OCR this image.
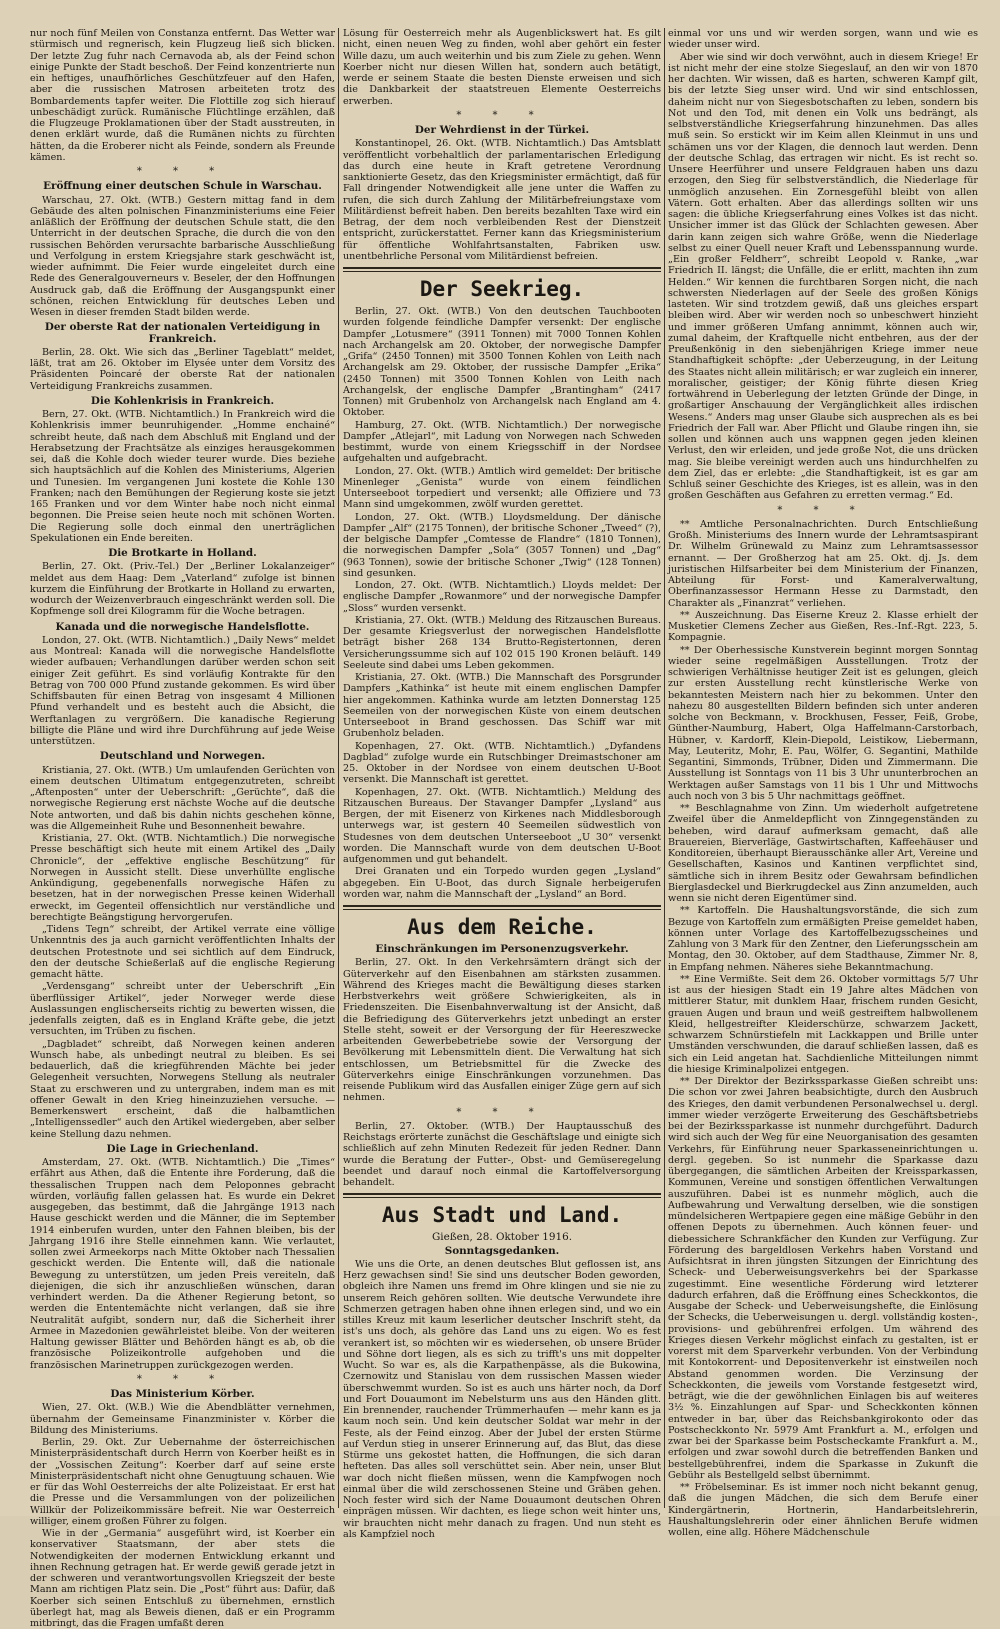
nur noch fünf Meilen von Constanza entfernt. Das Wetter war stürmisch und regnerisch, kein Flugzeug ließ sich blicken. Der letzte Zug fuhr nach Cernavoda ab, als der Feind schon einige Punkte der Stadt beschoß. Der Feind konzentrierte nun ein heftiges, unaufhörliches Geschützfeuer auf den Hafen, aber die russischen Matrosen arbeiteten trotz des Bombardements tapfer weiter. Die Flottille zog sich hierauf unbeschädigt zurück. Rumänische Flüchtlinge erzählen, daß die Flugzeuge Proklamationen über der Stadt ausstreuten, in denen erklärt wurde, daß die Rumänen nichts zu fürchten hätten, da die Eroberer nicht als Feinde, sondern als Freunde kämen.

* * *
Eröffnung einer deutschen Schule in Warschau.

Warschau, 27. Okt. (WTB.) Gestern mittag fand in dem Gebäude des alten polnischen Finanzministeriums eine Feier anläßlich der Eröffnung der deutschen Schule statt, die den Unterricht in der deutschen Sprache, die durch die von den russischen Behörden verursachte barbarische Ausschließung und Verfolgung in erstem Kriegsjahre stark geschwächt ist, wieder aufnimmt. Die Feier wurde eingeleitet durch eine Rede des Generalgouverneurs v. Beseler, der den Hoffnungen Ausdruck gab, daß die Eröffnung der Ausgangspunkt einer schönen, reichen Entwicklung für deutsches Leben und Wesen in dieser fremden Stadt bilden werde.

Der oberste Rat der nationalen Verteidigung in Frankreich.

Berlin, 28. Okt. Wie sich das „Berliner Tageblatt“ meldet, läßt, trat am 26. Oktober im Elysée unter dem Vorsitz des Präsidenten Poincaré der oberste Rat der nationalen Verteidigung Frankreichs zusammen.

Die Kohlenkrisis in Frankreich.

Bern, 27. Okt. (WTB. Nichtamtlich.) In Frankreich wird die Kohlenkrisis immer beunruhigender. „Homme enchainé“ schreibt heute, daß nach dem Abschluß mit England und der Herabsetzung der Frachtsätze als einziges herausgekommen sei, daß die Kohle doch wieder teurer wurde. Dies beziehe sich hauptsächlich auf die Kohlen des Ministeriums, Algerien und Tunesien. Im vergangenen Juni kostete die Kohle 130 Franken; nach den Bemühungen der Regierung koste sie jetzt 165 Franken und vor dem Winter habe noch nicht einmal begonnen. Die Preise seien heute noch mit schönen Worten. Die Regierung solle doch einmal den unerträglichen Spekulationen ein Ende bereiten.

Die Brotkarte in Holland.

Berlin, 27. Okt. (Priv.-Tel.) Der „Berliner Lokalanzeiger“ meldet aus dem Haag: Dem „Vaterland“ zufolge ist binnen kurzem die Einführung der Brotkarte in Holland zu erwarten, wodurch der Weizenverbrauch eingeschränkt werden soll. Die Kopfmenge soll drei Kilogramm für die Woche betragen.

Kanada und die norwegische Handelsflotte.

London, 27. Okt. (WTB. Nichtamtlich.) „Daily News“ meldet aus Montreal: Kanada will die norwegische Handelsflotte wieder aufbauen; Verhandlungen darüber werden schon seit einiger Zeit geführt. Es sind vorläufig Kontrakte für den Betrag von 700 000 Pfund zustande gekommen. Es wird über Schiffsbauten für einen Betrag von insgesamt 4 Millionen Pfund verhandelt und es besteht auch die Absicht, die Werftanlagen zu vergrößern. Die kanadische Regierung billigte die Pläne und wird ihre Durchführung auf jede Weise unterstützen.

Deutschland und Norwegen.

Kristiania, 27. Okt. (WTB.) Um umlaufenden Gerüchten von einem deutschen Ultimatum entgegenzutreten, schreibt „Aftenposten“ unter der Ueberschrift: „Gerüchte“, daß die norwegische Regierung erst nächste Woche auf die deutsche Note antworten, und daß bis dahin nichts geschehen könne, was die Allgemeinheit Ruhe und Besonnenheit bewahre.

Kristiania, 27. Okt. (WTB. Nichtamtlich.) Die norwegische Presse beschäftigt sich heute mit einem Artikel des „Daily Chronicle“, der „effektive englische Beschützung“ für Norwegen in Aussicht stellt. Diese unverhüllte englische Ankündigung, gegebenenfalls norwegische Häfen zu besetzen, hat in der norwegischen Presse keinen Widerhall erweckt, im Gegenteil offensichtlich nur verständliche und berechtigte Beängstigung hervorgerufen.

„Tidens Tegn“ schreibt, der Artikel verrate eine völlige Unkenntnis des ja auch garnicht veröffentlichten Inhalts der deutschen Protestnote und sei sichtlich auf dem Eindruck, den der deutsche Schießerlaß auf die englische Regierung gemacht hätte.

„Verdensgang“ schreibt unter der Ueberschrift „Ein überflüssiger Artikel“, jeder Norweger werde diese Auslassungen englischerseits richtig zu bewerten wissen, die jedenfalls zeigten, daß es in England Kräfte gebe, die jetzt versuchten, im Trüben zu fischen.

„Dagbladet“ schreibt, daß Norwegen keinen anderen Wunsch habe, als unbedingt neutral zu bleiben. Es sei bedauerlich, daß die kriegführenden Mächte bei jeder Gelegenheit versuchten, Norwegens Stellung als neutraler Staat zu erschweren und zu untergraben, indem man es mit offener Gewalt in den Krieg hineinzuziehen versuche. — Bemerkenswert erscheint, daß die halbamtlichen „Intelligenssedler“ auch den Artikel wiedergeben, aber selber keine Stellung dazu nehmen.

Die Lage in Griechenland.

Amsterdam, 27. Okt. (WTB. Nichtamtlich.) Die „Times“ erfährt aus Athen, daß die Entente ihre Forderung, daß die thessalischen Truppen nach dem Peloponnes gebracht würden, vorläufig fallen gelassen hat. Es wurde ein Dekret ausgegeben, das bestimmt, daß die Jahrgänge 1913 nach Hause geschickt werden und die Männer, die im September 1914 einberufen wurden, unter den Fahnen bleiben, bis der Jahrgang 1916 ihre Stelle einnehmen kann. Wie verlautet, sollen zwei Armeekorps nach Mitte Oktober nach Thessalien geschickt werden. Die Entente will, daß die nationale Bewegung zu unterstützen, um jeden Preis vereiteln, daß diejenigen, die sich ihr anzuschließen wünschen, daran verhindert werden. Da die Athener Regierung betont, so werden die Ententemächte nicht verlangen, daß sie ihre Neutralität aufgibt, sondern nur, daß die Sicherheit ihrer Armee in Mazedonien gewährleistet bleibe. Von der weiteren Haltung gewisser Blätter und Behörden hängt es ab, ob die französische Polizeikontrolle aufgehoben und die französischen Marinetruppen zurückgezogen werden.

* * *
Das Ministerium Körber.

Wien, 27. Okt. (W.B.) Wie die Abendblätter vernehmen, übernahm der Gemeinsame Finanzminister v. Körber die Bildung des Ministeriums.

Berlin, 29. Okt. Zur Uebernahme der österreichischen Ministerpräsidentschaft durch Herrn von Koerber heißt es in der „Vossischen Zeitung“: Koerber darf auf seine erste Ministerpräsidentschaft nicht ohne Genugtuung schauen. Wie er für das Wohl Oesterreichs der alte Polizeistaat. Er erst hat die Presse und die Versammlungen von der polizeilichen Willkür der Polizeikommissäre befreit. Nie war Oesterreich williger, einem großen Führer zu folgen.

Wie in der „Germania“ ausgeführt wird, ist Koerber ein konservativer Staatsmann, der aber stets die Notwendigkeiten der modernen Entwicklung erkannt und ihnen Rechnung getragen hat. Er werde gewiß gerade jetzt in der schweren und verantwortungsvollen Kriegszeit der beste Mann am richtigen Platz sein. Die „Post“ führt aus: Dafür, daß Koerber sich seinen Entschluß zu übernehmen, ernstlich überlegt hat, mag als Beweis dienen, daß er ein Programm mitbringt, das die Fragen umfaßt deren

Lösung für Oesterreich mehr als Augenblickswert hat. Es gilt nicht, einen neuen Weg zu finden, wohl aber gehört ein fester Wille dazu, um auch weiterhin und bis zum Ziele zu gehen. Wenn Koerber nicht nur diesen Willen hat, sondern auch betätigt, werde er seinem Staate die besten Dienste erweisen und sich die Dankbarkeit der staatstreuen Elemente Oesterreichs erwerben.

* * *
Der Wehrdienst in der Türkei.

Konstantinopel, 26. Okt. (WTB. Nichtamtlich.) Das Amtsblatt veröffentlicht vorbehaltlich der parlamentarischen Erledigung das durch eine heute in Kraft getretene Verordnung sanktionierte Gesetz, das den Kriegsminister ermächtigt, daß für Fall dringender Notwendigkeit alle jene unter die Waffen zu rufen, die sich durch Zahlung der Militärbefreiungstaxe vom Militärdienst befreit haben. Den bereits bezahlten Taxe wird ein Betrag, der dem noch verbleibenden Rest der Dienstzeit entspricht, zurückerstattet. Ferner kann das Kriegsministerium für öffentliche Wohlfahrtsanstalten, Fabriken usw. unentbehrliche Personal vom Militärdienst befreien.

Der Seekrieg.

Berlin, 27. Okt. (WTB.) Von den deutschen Tauchbooten wurden folgende feindliche Dampfer versenkt: Der englische Dampfer „Lotusmere“ (3911 Tonnen) mit 7000 Tonnen Kohlen nach Archangelsk am 20. Oktober, der norwegische Dampfer „Grifa“ (2450 Tonnen) mit 3500 Tonnen Kohlen von Leith nach Archangelsk am 29. Oktober, der russische Dampfer „Erika“ (2450 Tonnen) mit 3500 Tonnen Kohlen von Leith nach Archangelsk, der englische Dampfer „Brantingham“ (2417 Tonnen) mit Grubenholz von Archangelsk nach England am 4. Oktober.

Hamburg, 27. Okt. (WTB. Nichtamtlich.) Der norwegische Dampfer „Atlejarl“, mit Ladung von Norwegen nach Schweden bestimmt, wurde von einem Kriegsschiff in der Nordsee aufgehalten und aufgebracht.

London, 27. Okt. (WTB.) Amtlich wird gemeldet: Der britische Minenleger „Genista“ wurde von einem feindlichen Unterseeboot torpediert und versenkt; alle Offiziere und 73 Mann sind umgekommen, zwölf wurden gerettet.

London, 27. Okt. (WTB.) Lloydsmeldung. Der dänische Dampfer „Alf“ (2175 Tonnen), der britische Schoner „Tweed“ (?), der belgische Dampfer „Comtesse de Flandre“ (1810 Tonnen), die norwegischen Dampfer „Sola“ (3057 Tonnen) und „Dag“ (963 Tonnen), sowie der britische Schoner „Twig“ (128 Tonnen) sind gesunken.

London, 27. Okt. (WTB. Nichtamtlich.) Lloyds meldet: Der englische Dampfer „Rowanmore“ und der norwegische Dampfer „Sloss“ wurden versenkt.

Kristiania, 27. Okt. (WTB.) Meldung des Ritzauschen Bureaus. Der gesamte Kriegsverlust der norwegischen Handelsflotte beträgt bisher 268 134 Brutto-Registertonnen, deren Versicherungssumme sich auf 102 015 190 Kronen beläuft. 149 Seeleute sind dabei ums Leben gekommen.

Kristiania, 27. Okt. (WTB.) Die Mannschaft des Porsgrunder Dampfers „Kathinka“ ist heute mit einem englischen Dampfer hier angekommen. Kathinka wurde am letzten Donnerstag 125 Seemeilen von der norwegischen Küste von einem deutschen Unterseeboot in Brand geschossen. Das Schiff war mit Grubenholz beladen.

Kopenhagen, 27. Okt. (WTB. Nichtamtlich.) „Dyfandens Dagblad“ zufolge wurde ein Rutschbinger Dreimastschoner am 25. Oktober in der Nordsee von einem deutschen U-Boot versenkt. Die Mannschaft ist gerettet.

Kopenhagen, 27. Okt. (WTB. Nichtamtlich.) Meldung des Ritzauschen Bureaus. Der Stavanger Dampfer „Lysland“ aus Bergen, der mit Eisenerz von Kirkenes nach Middlesborough unterwegs war, ist gestern 40 Seemeilen südwestlich von Studesnes von dem deutschen Unterseeboot „U 30“ versenkt worden. Die Mannschaft wurde von dem deutschen U-Boot aufgenommen und gut behandelt.

Drei Granaten und ein Torpedo wurden gegen „Lysland“ abgegeben. Ein U-Boot, das durch Signale herbeigerufen worden war, nahm die Mannschaft der „Lysland“ an Bord.

Aus dem Reiche.
Einschränkungen im Personenzugsverkehr.

Berlin, 27. Okt. In den Verkehrsämtern drängt sich der Güterverkehr auf den Eisenbahnen am stärksten zusammen. Während des Krieges macht die Bewältigung dieses starken Herbstverkehrs weit größere Schwierigkeiten, als in Friedenszeiten. Die Eisenbahnverwaltung ist der Ansicht, daß die Befriedigung des Güterverkehrs jetzt unbedingt an erster Stelle steht, soweit er der Versorgung der für Heereszwecke arbeitenden Gewerbebetriebe sowie der Versorgung der Bevölkerung mit Lebensmitteln dient. Die Verwaltung hat sich entschlossen, um Betriebsmittel für die Zwecke des Güterverkehrs einige Einschränkungen vorzunehmen. Das reisende Publikum wird das Ausfallen einiger Züge gern auf sich nehmen.

* * *

Berlin, 27. Oktober. (WTB.) Der Hauptausschuß des Reichstags erörterte zunächst die Geschäftslage und einigte sich schließlich auf zehn Minuten Redezeit für jeden Redner. Dann wurde die Beratung der Futter-, Obst- und Gemüseregelung beendet und darauf noch einmal die Kartoffelversorgung behandelt.

Aus Stadt und Land.
Gießen, 28. Oktober 1916.
Sonntagsgedanken.

Wie uns die Orte, an denen deutsches Blut geflossen ist, ans Herz gewachsen sind! Sie sind uns deutscher Boden geworden, obgleich ihre Namen uns fremd im Ohre klingen und sie nie zu unserem Reich gehören sollten. Wie deutsche Verwundete ihre Schmerzen getragen haben ohne ihnen erlegen sind, und wo ein stilles Kreuz mit kaum leserlicher deutscher Inschrift steht, da ist's uns doch, als gehöre das Land uns zu eigen. Wo es fest verankert ist, so möchten wir es wiedersehen, ob unsere Brüder und Söhne dort liegen, als es sich zu trifft's uns mit doppelter Wucht. So war es, als die Karpathenpässe, als die Bukowina, Czernowitz und Stanislau von dem russischen Massen wieder überschwemmt wurden. So ist es auch uns härter noch, da Dorf und Fort Douaumont im Nebelsturm uns aus den Händen glitt. Ein brennender, rauchender Trümmerhaufen — mehr kann es ja kaum noch sein. Und kein deutscher Soldat war mehr in der Feste, als der Feind einzog. Aber der Jubel der ersten Stürme auf Verdun stieg in unserer Erinnerung auf, das Blut, das diese Stürme uns gekostet hatten, die Hoffnungen, die sich daran hefteten. Das alles soll verschüttet sein. Aber nein, unser Blut war doch nicht fließen müssen, wenn die Kampfwogen noch einmal über die wild zerschossenen Steine und Gräben gehen. Noch fester wird sich der Name Douaumont deutschen Ohren einprägen müssen. Wir dachten, es liege schon weit hinter uns, wir brauchten nicht mehr danach zu fragen. Und nun steht es als Kampfziel noch

einmal vor uns und wir werden sorgen, wann und wie es wieder unser wird.

Aber wie sind wir doch verwöhnt, auch in diesem Kriege! Er ist nicht mehr der eine stolze Siegeslauf, an den wir von 1870 her dachten. Wir wissen, daß es harten, schweren Kampf gilt, bis der letzte Sieg unser wird. Und wir sind entschlossen, daheim nicht nur von Siegesbotschaften zu leben, sondern bis Not und den Tod, mit denen ein Volk uns bedrängt, als selbstverständliche Kriegserfahrung hinzunehmen. Das alles muß sein. So erstickt wir im Keim allen Kleinmut in uns und schämen uns vor der Klagen, die dennoch laut werden. Denn der deutsche Schlag, das ertragen wir nicht. Es ist recht so. Unsere Heerführer und unsere Feldgrauen haben uns dazu erzogen, den Sieg für selbstverständlich, die Niederlage für unmöglich anzusehen. Ein Zornesgefühl bleibt von allen Vätern. Gott erhalten. Aber das allerdings sollten wir uns sagen: die übliche Kriegserfahrung eines Volkes ist das nicht. Unsicher immer ist das Glück der Schlachten gewesen. Aber darin kann zeigen sich wahre Größe, wenn die Niederlage selbst zu einer Quell neuer Kraft und Lebensspannung wurde. „Ein großer Feldherr“, schreibt Leopold v. Ranke, „war Friedrich II. längst; die Unfälle, die er erlitt, machten ihn zum Helden.“ Wir kennen die furchtbaren Sorgen nicht, die nach schwersten Niederlagen auf der Seele des großen Königs lasteten. Wir sind trotzdem gewiß, daß uns gleiches erspart bleiben wird. Aber wir werden noch so unbeschwert hinzieht und immer größeren Umfang annimmt, können auch wir, zumal daheim, der Kraftquelle nicht entbehren, aus der der Preußenkönig in den siebenjährigen Kriege immer neue Standhaftigkeit schöpfte: „der Ueberzeugung, in der Leitung des Staates nicht allein militärisch; er war zugleich ein innerer, moralischer, geistiger; der König führte diesen Krieg fortwährend in Ueberlegung der letzten Gründe der Dinge, in großartiger Anschauung der Vergänglichkeit alles irdischen Wesens.“ Anders mag unser Glaube sich ausprechen als es bei Friedrich der Fall war. Aber Pflicht und Glaube ringen ihn, sie sollen und können auch uns wappnen gegen jeden kleinen Verlust, den wir erleiden, und jede große Not, die uns drücken mag. Sie bleibe vereinigt werden auch uns hindurchhelfen zu dem Ziel, das er erlebte: „die Standhaftigkeit, ist es gar am Schluß seiner Geschichte des Krieges, ist es allein, was in den großen Geschäften aus Gefahren zu erretten vermag.“ Ed.

* * *

** Amtliche Personalnachrichten. Durch Entschließung Großh. Ministeriums des Innern wurde der Lehramtsaspirant Dr. Wilhelm Grünewald zu Mainz zum Lehramtsassessor ernannt. — Der Großherzog hat am 25. Okt. dj. Js. dem juristischen Hilfsarbeiter bei dem Ministerium der Finanzen, Abteilung für Forst- und Kameralverwaltung, Oberfinanzassessor Hermann Hesse zu Darmstadt, den Charakter als „Finanzrat“ verliehen.

** Auszeichnung. Das Eiserne Kreuz 2. Klasse erhielt der Musketier Clemens Zecher aus Gießen, Res.-Inf.-Rgt. 223, 5. Kompagnie.

** Der Oberhessische Kunstverein beginnt morgen Sonntag wieder seine regelmäßigen Ausstellungen. Trotz der schwierigen Verhältnisse heutiger Zeit ist es gelungen, gleich zur ersten Ausstellung recht künstlerische Werke von bekanntesten Meistern nach hier zu bekommen. Unter den nahezu 80 ausgestellten Bildern befinden sich unter anderen solche von Beckmann, v. Brockhusen, Fesser, Feiß, Grobe, Günther-Naumburg, Habert, Olga Haffelmann-Carstorbach, Hübner, v. Kardorff, Klein-Diepold, Leistikow, Liebermann, May, Leuteritz, Mohr, E. Pau, Wölfer, G. Segantini, Mathilde Segantini, Simmonds, Trübner, Diden und Zimmermann. Die Ausstellung ist Sonntags von 11 bis 3 Uhr ununterbrochen an Werktagen außer Samstags von 11 bis 1 Uhr und Mittwochs auch noch von 3 bis 5 Uhr nachmittags geöffnet.

** Beschlagnahme von Zinn. Um wiederholt aufgetretene Zweifel über die Anmeldepflicht von Zinngegenständen zu beheben, wird darauf aufmerksam gemacht, daß alle Brauereien, Bierverläge, Gastwirtschaften, Kaffeehäuser und Konditoreien, überhaupt Bierausschänke aller Art, Vereine und Gesellschaften, Kasinos und Kantinen verpflichtet sind, sämtliche sich in ihrem Besitz oder Gewahrsam befindlichen Bierglasdeckel und Bierkrugdeckel aus Zinn anzumelden, auch wenn sie nicht deren Eigentümer sind.

** Kartoffeln. Die Haushaltungsvorstände, die sich zum Bezuge von Kartoffeln zum ermäßigten Preise gemeldet haben, können unter Vorlage des Kartoffelbezugsscheines und Zahlung von 3 Mark für den Zentner, den Lieferungsschein am Montag, den 30. Oktober, auf dem Stadthause, Zimmer Nr. 8, in Empfang nehmen. Näheres siehe Bekanntmachung.

** Eine Vermißte. Seit dem 26. Oktober vormittags 5/7 Uhr ist aus der hiesigen Stadt ein 19 Jahre altes Mädchen von mittlerer Statur, mit dunklem Haar, frischem runden Gesicht, grauen Augen und braun und weiß gestreiftem halbwollenem Kleid, hellgestreifter Kleiderschürze, schwarzem Jackett, schwarzem Schnürstiefeln mit Lackkappen und Brille unter Umständen verschwunden, die darauf schließen lassen, daß es sich ein Leid angetan hat. Sachdienliche Mitteilungen nimmt die hiesige Kriminalpolizei entgegen.

** Der Direktor der Bezirkssparkasse Gießen schreibt uns: Die schon vor zwei Jahren beabsichtigte, durch den Ausbruch des Krieges, den damit verbundenen Personalwechsel u. dergl. immer wieder verzögerte Erweiterung des Geschäftsbetriebs bei der Bezirkssparkasse ist nunmehr durchgeführt. Dadurch wird sich auch der Weg für eine Neuorganisation des gesamten Verkehrs, für Einführung neuer Sparkasseneinrichtungen u. dergl. gegeben. So ist nunmehr die Sparkasse dazu übergegangen, die sämtlichen Arbeiten der Kreissparkassen, Kommunen, Vereine und sonstigen öffentlichen Verwaltungen auszuführen. Dabei ist es nunmehr möglich, auch die Aufbewahrung und Verwaltung derselben, wie die sonstigen mündelsicheren Wertpapiere gegen eine mäßige Gebühr in den offenen Depots zu übernehmen. Auch können feuer- und diebessichere Schrankfächer den Kunden zur Verfügung. Zur Förderung des bargeldlosen Verkehrs haben Vorstand und Aufsichtsrat in ihren jüngsten Sitzungen der Einrichtung des Scheck- und Ueberweisungsverkehrs bei der Sparkasse zugestimmt. Eine wesentliche Förderung wird letzterer dadurch erfahren, daß die Eröffnung eines Scheckkontos, die Ausgabe der Scheck- und Ueberweisungshefte, die Einlösung der Schecks, die Ueberweisungen u. dergl. vollständig kosten-, provisions- und gebührenfrei erfolgen. Um während des Krieges diesen Verkehr möglichst einfach zu gestalten, ist er vorerst mit dem Sparverkehr verbunden. Von der Verbindung mit Kontokorrent- und Depositenverkehr ist einstweilen noch Abstand genommen worden. Die Verzinsung der Scheckkonten, die jeweils vom Vorstande festgesetzt wird, beträgt, wie die der gewöhnlichen Einlagen bis auf weiteres 3½ %. Einzahlungen auf Spar- und Scheckkonten können entweder in bar, über das Reichsbankgirokonto oder das Postscheckkonto Nr. 5979 Amt Frankfurt a. M., erfolgen und zwar bei der Sparkasse beim Postscheckamte Frankfurt a. M., erfolgen und zwar sowohl durch die betreffenden Banken und bestellgebührenfrei, indem die Sparkasse in Zukunft die Gebühr als Bestellgeld selbst übernimmt.

** Fröbelseminar. Es ist immer noch nicht bekannt genug, daß die jungen Mädchen, die sich dem Berufe einer Kindergärtnerin, Hortnerin, Handarbeitslehrerin, Haushaltungslehrerin oder einer ähnlichen Berufe widmen wollen, eine allg. Höhere Mädchenschule
